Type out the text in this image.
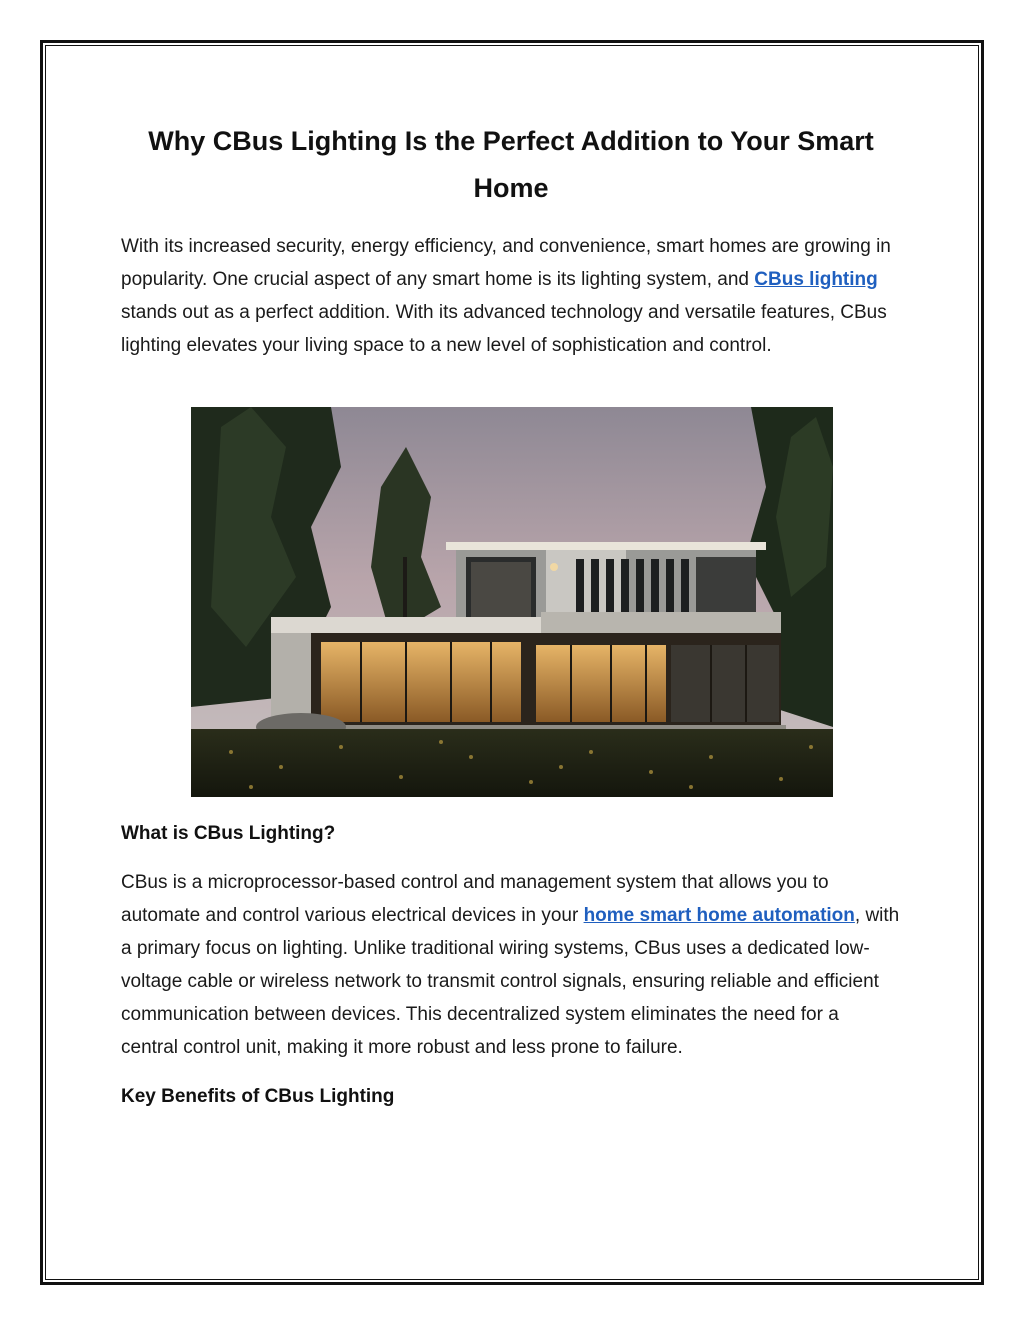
Why CBus Lighting Is the Perfect Addition to Your Smart Home

With its increased security, energy efficiency, and convenience, smart homes are growing in popularity. One crucial aspect of any smart home is its lighting system, and CBus lighting stands out as a perfect addition. With its advanced technology and versatile features, CBus lighting elevates your living space to a new level of sophistication and control.

What is CBus Lighting?

CBus is a microprocessor-based control and management system that allows you to automate and control various electrical devices in your home smart home automation, with a primary focus on lighting. Unlike traditional wiring systems, CBus uses a dedicated low-voltage cable or wireless network to transmit control signals, ensuring reliable and efficient communication between devices. This decentralized system eliminates the need for a central control unit, making it more robust and less prone to failure.

Key Benefits of CBus Lighting
